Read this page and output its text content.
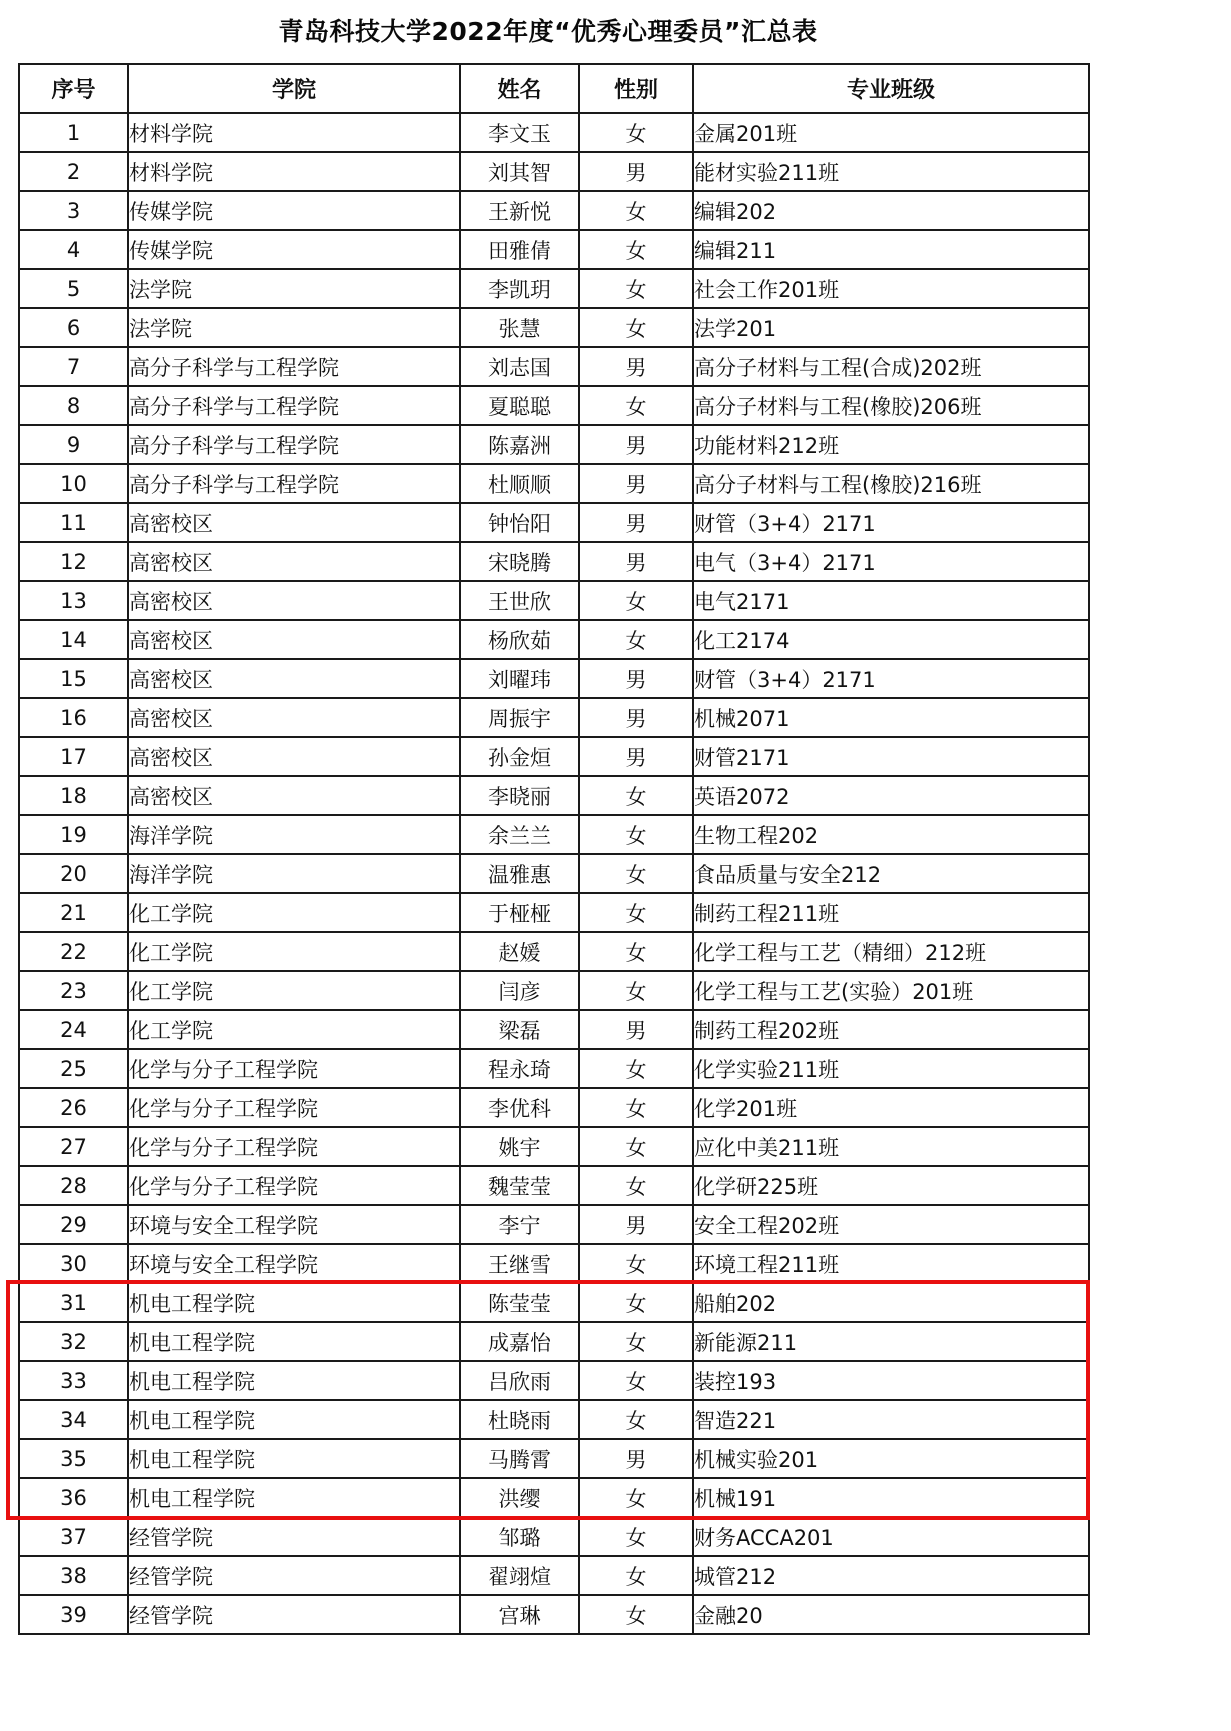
青岛科技大学2022年度“优秀心理委员”汇总表
序号	学院	姓名	性别	专业班级
1	材料学院	李文玉	女	金属201班
2	材料学院	刘其智	男	能材实验211班
3	传媒学院	王新悦	女	编辑202
4	传媒学院	田雅倩	女	编辑211
5	法学院	李凯玥	女	社会工作201班
6	法学院	张慧	女	法学201
7	高分子科学与工程学院	刘志国	男	高分子材料与工程(合成)202班
8	高分子科学与工程学院	夏聪聪	女	高分子材料与工程(橡胶)206班
9	高分子科学与工程学院	陈嘉洲	男	功能材料212班
10	高分子科学与工程学院	杜顺顺	男	高分子材料与工程(橡胶)216班
11	高密校区	钟怡阳	男	财管（3+4）2171
12	高密校区	宋晓腾	男	电气（3+4）2171
13	高密校区	王世欣	女	电气2171
14	高密校区	杨欣茹	女	化工2174
15	高密校区	刘曜玮	男	财管（3+4）2171
16	高密校区	周振宇	男	机械2071
17	高密校区	孙金烜	男	财管2171
18	高密校区	李晓丽	女	英语2072
19	海洋学院	余兰兰	女	生物工程202
20	海洋学院	温雅惠	女	食品质量与安全212
21	化工学院	于桠桠	女	制药工程211班
22	化工学院	赵媛	女	化学工程与工艺（精细）212班
23	化工学院	闫彦	女	化学工程与工艺(实验）201班
24	化工学院	梁磊	男	制药工程202班
25	化学与分子工程学院	程永琦	女	化学实验211班
26	化学与分子工程学院	李优科	女	化学201班
27	化学与分子工程学院	姚宇	女	应化中美211班
28	化学与分子工程学院	魏莹莹	女	化学研225班
29	环境与安全工程学院	李宁	男	安全工程202班
30	环境与安全工程学院	王继雪	女	环境工程211班
31	机电工程学院	陈莹莹	女	船舶202
32	机电工程学院	成嘉怡	女	新能源211
33	机电工程学院	吕欣雨	女	装控193
34	机电工程学院	杜晓雨	女	智造221
35	机电工程学院	马腾霄	男	机械实验201
36	机电工程学院	洪缨	女	机械191
37	经管学院	邹璐	女	财务ACCA201
38	经管学院	翟翊煊	女	城管212
39	经管学院	宫琳	女	金融20
